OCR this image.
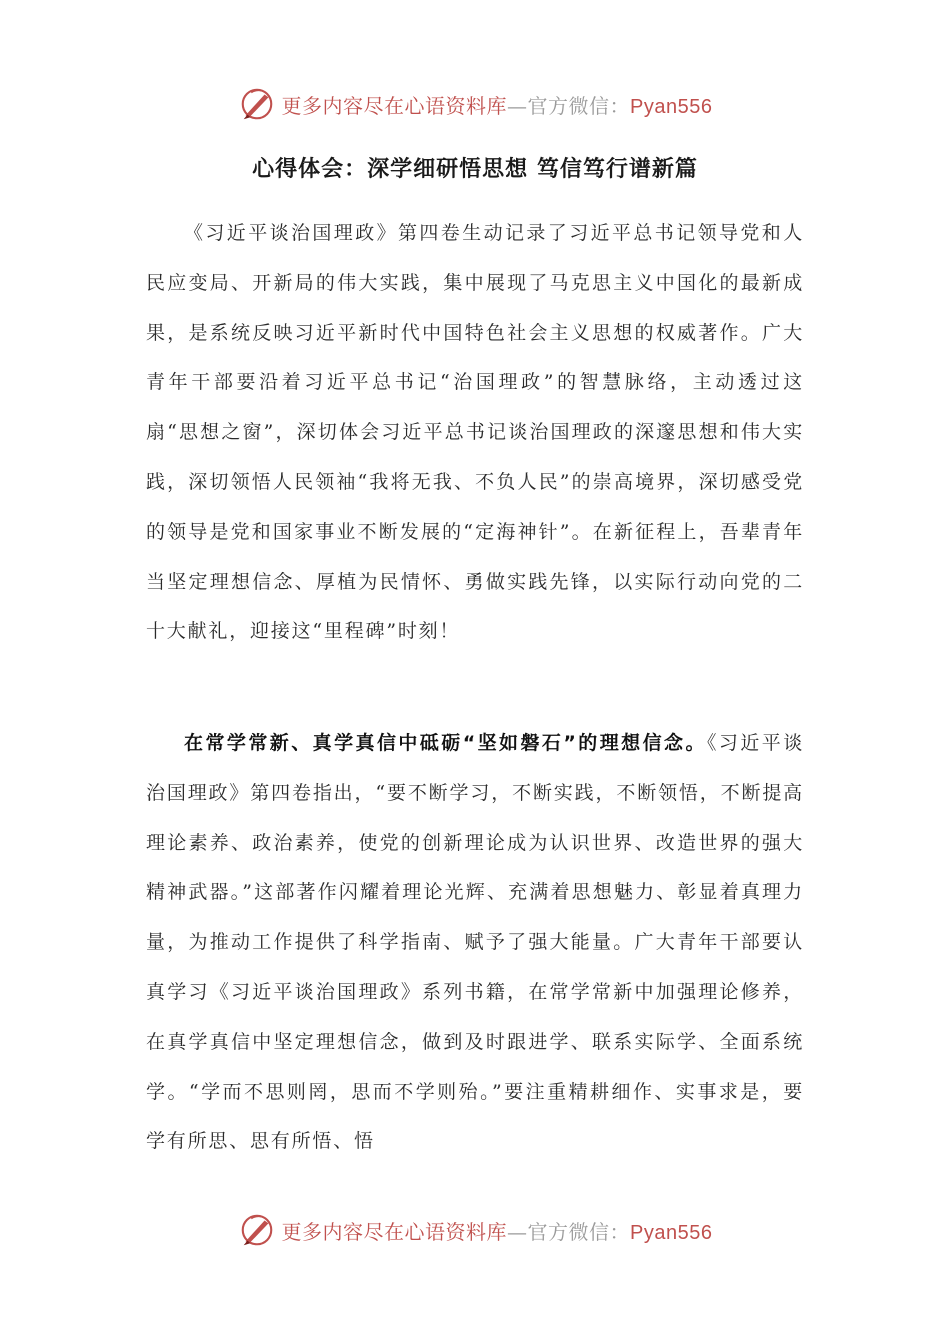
更多内容尽在心语资料库—官方微信：Pyan556
心得体会：深学细研悟思想 笃信笃行谱新篇

《习近平谈治国理政》第四卷生动记录了习近平总书记领导党和人民应变局、开新局的伟大实践，集中展现了马克思主义中国化的最新成果，是系统反映习近平新时代中国特色社会主义思想的权威著作。广大青年干部要沿着习近平总书记“治国理政”的智慧脉络，主动透过这扇“思想之窗”，深切体会习近平总书记谈治国理政的深邃思想和伟大实践，深切领悟人民领袖“我将无我、不负人民”的崇高境界，深切感受党的领导是党和国家事业不断发展的“定海神针”。在新征程上，吾辈青年当坚定理想信念、厚植为民情怀、勇做实践先锋，以实际行动向党的二十大献礼，迎接这“里程碑”时刻！

在常学常新、真学真信中砥砺“坚如磐石”的理想信念。《习近平谈治国理政》第四卷指出，“要不断学习，不断实践，不断领悟，不断提高理论素养、政治素养，使党的创新理论成为认识世界、改造世界的强大精神武器。”这部著作闪耀着理论光辉、充满着思想魅力、彰显着真理力量，为推动工作提供了科学指南、赋予了强大能量。广大青年干部要认真学习《习近平谈治国理政》系列书籍，在常学常新中加强理论修养，在真学真信中坚定理想信念，做到及时跟进学、联系实际学、全面系统学。“学而不思则罔，思而不学则殆。”要注重精耕细作、实事求是，要学有所思、思有所悟、悟

更多内容尽在心语资料库—官方微信：Pyan556
